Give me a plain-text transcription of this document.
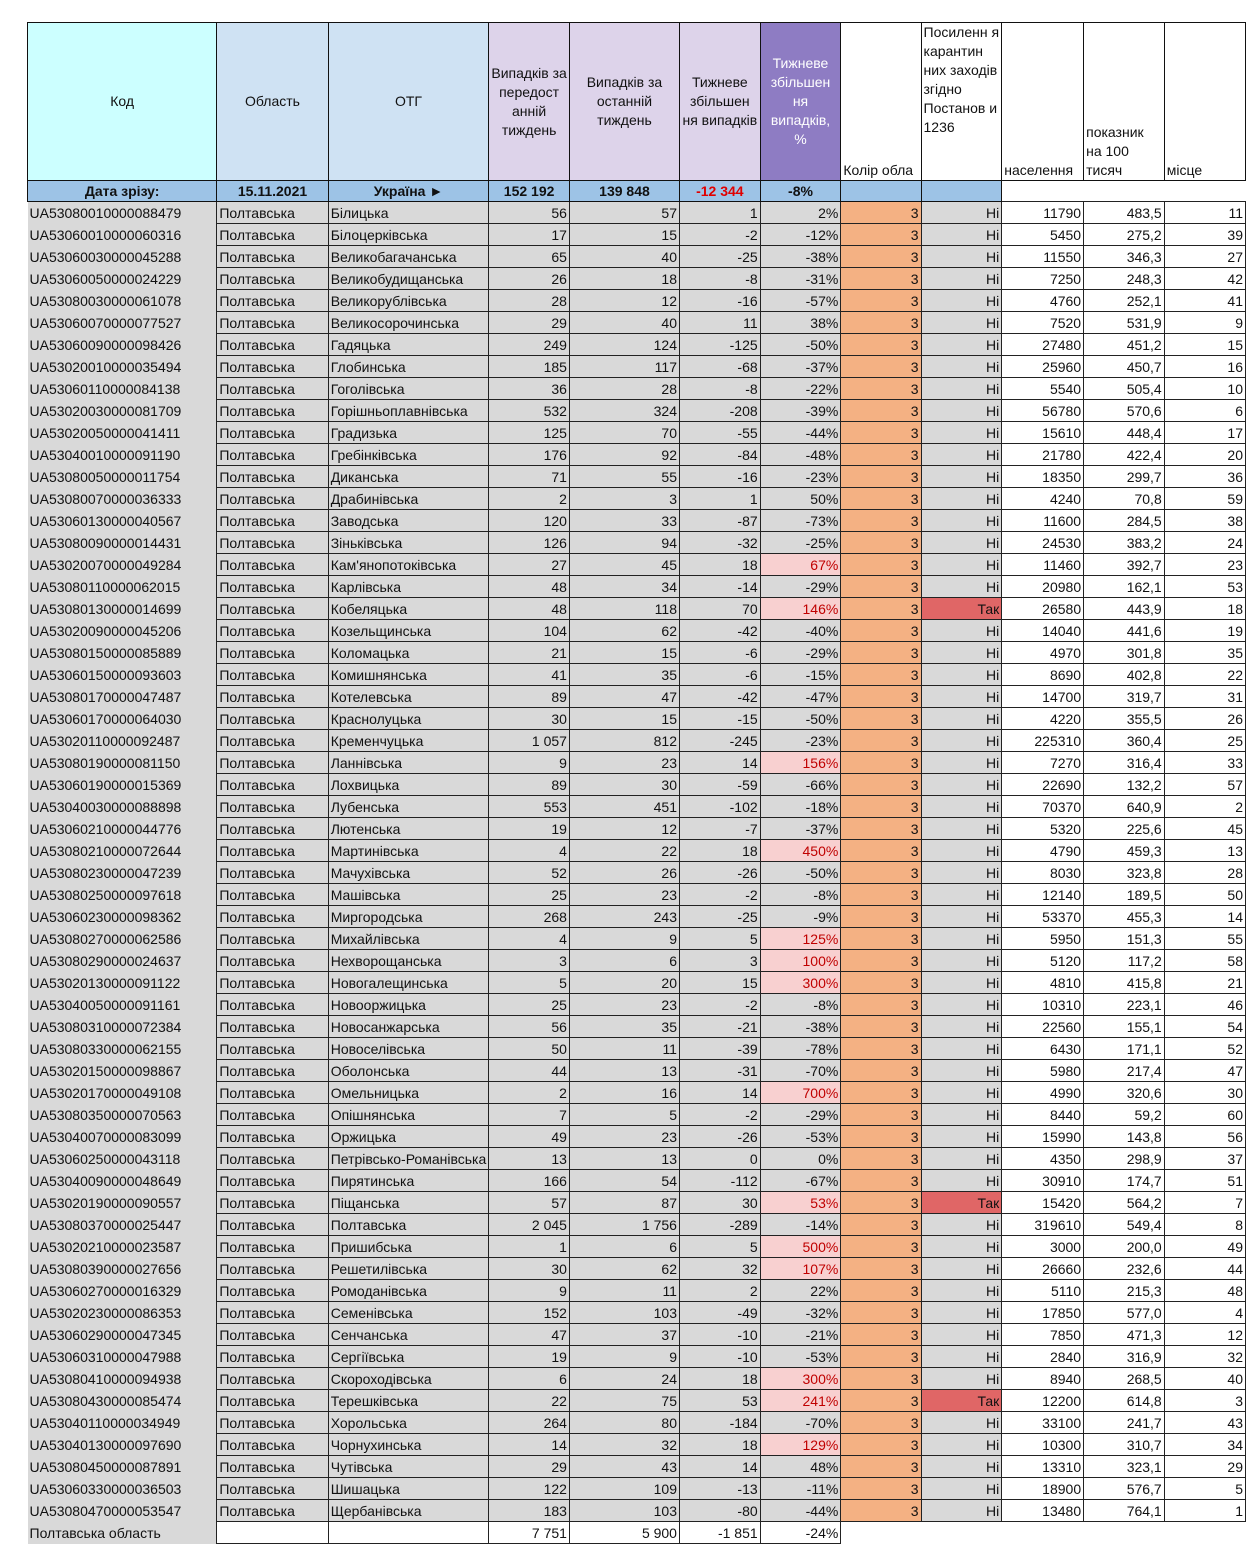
Код	Область	ОТГ	Випадків за передост анній тиждень	Випадків за останній тиждень	Тижневе збільшен ня випадків	Тижневе збільшен ня випадків, %	Колір обла	Посиленн я карантин них заходів згідно Постанов и 1236	населення	показник на 100 тисяч	місце
Дата зрізу:	15.11.2021	Україна ►	152 192	139 848	-12 344	-8%					
UA53080010000088479	Полтавська	Білицька	56	57	1	2%	3	Ні	11790	483,5	11
UA53060010000060316	Полтавська	Білоцерківська	17	15	-2	-12%	3	Ні	5450	275,2	39
UA53060030000045288	Полтавська	Великобагачанська	65	40	-25	-38%	3	Ні	11550	346,3	27
UA53060050000024229	Полтавська	Великобудищанська	26	18	-8	-31%	3	Ні	7250	248,3	42
UA53080030000061078	Полтавська	Великорублівська	28	12	-16	-57%	3	Ні	4760	252,1	41
UA53060070000077527	Полтавська	Великосорочинська	29	40	11	38%	3	Ні	7520	531,9	9
UA53060090000098426	Полтавська	Гадяцька	249	124	-125	-50%	3	Ні	27480	451,2	15
UA53020010000035494	Полтавська	Глобинська	185	117	-68	-37%	3	Ні	25960	450,7	16
UA53060110000084138	Полтавська	Гоголівська	36	28	-8	-22%	3	Ні	5540	505,4	10
UA53020030000081709	Полтавська	Горішньоплавнівська	532	324	-208	-39%	3	Ні	56780	570,6	6
UA53020050000041411	Полтавська	Градизька	125	70	-55	-44%	3	Ні	15610	448,4	17
UA53040010000091190	Полтавська	Гребінківська	176	92	-84	-48%	3	Ні	21780	422,4	20
UA53080050000011754	Полтавська	Диканська	71	55	-16	-23%	3	Ні	18350	299,7	36
UA53080070000036333	Полтавська	Драбинівська	2	3	1	50%	3	Ні	4240	70,8	59
UA53060130000040567	Полтавська	Заводська	120	33	-87	-73%	3	Ні	11600	284,5	38
UA53080090000014431	Полтавська	Зіньківська	126	94	-32	-25%	3	Ні	24530	383,2	24
UA53020070000049284	Полтавська	Кам'янопотоківська	27	45	18	67%	3	Ні	11460	392,7	23
UA53080110000062015	Полтавська	Карлівська	48	34	-14	-29%	3	Ні	20980	162,1	53
UA53080130000014699	Полтавська	Кобеляцька	48	118	70	146%	3	Так	26580	443,9	18
UA53020090000045206	Полтавська	Козельщинська	104	62	-42	-40%	3	Ні	14040	441,6	19
UA53080150000085889	Полтавська	Коломацька	21	15	-6	-29%	3	Ні	4970	301,8	35
UA53060150000093603	Полтавська	Комишнянська	41	35	-6	-15%	3	Ні	8690	402,8	22
UA53080170000047487	Полтавська	Котелевська	89	47	-42	-47%	3	Ні	14700	319,7	31
UA53060170000064030	Полтавська	Краснолуцька	30	15	-15	-50%	3	Ні	4220	355,5	26
UA53020110000092487	Полтавська	Кременчуцька	1 057	812	-245	-23%	3	Ні	225310	360,4	25
UA53080190000081150	Полтавська	Ланнівська	9	23	14	156%	3	Ні	7270	316,4	33
UA53060190000015369	Полтавська	Лохвицька	89	30	-59	-66%	3	Ні	22690	132,2	57
UA53040030000088898	Полтавська	Лубенська	553	451	-102	-18%	3	Ні	70370	640,9	2
UA53060210000044776	Полтавська	Лютенська	19	12	-7	-37%	3	Ні	5320	225,6	45
UA53080210000072644	Полтавська	Мартинівська	4	22	18	450%	3	Ні	4790	459,3	13
UA53080230000047239	Полтавська	Мачухівська	52	26	-26	-50%	3	Ні	8030	323,8	28
UA53080250000097618	Полтавська	Машівська	25	23	-2	-8%	3	Ні	12140	189,5	50
UA53060230000098362	Полтавська	Миргородська	268	243	-25	-9%	3	Ні	53370	455,3	14
UA53080270000062586	Полтавська	Михайлівська	4	9	5	125%	3	Ні	5950	151,3	55
UA53080290000024637	Полтавська	Нехворощанська	3	6	3	100%	3	Ні	5120	117,2	58
UA53020130000091122	Полтавська	Новогалещинська	5	20	15	300%	3	Ні	4810	415,8	21
UA53040050000091161	Полтавська	Новооржицька	25	23	-2	-8%	3	Ні	10310	223,1	46
UA53080310000072384	Полтавська	Новосанжарська	56	35	-21	-38%	3	Ні	22560	155,1	54
UA53080330000062155	Полтавська	Новоселівська	50	11	-39	-78%	3	Ні	6430	171,1	52
UA53020150000098867	Полтавська	Оболонська	44	13	-31	-70%	3	Ні	5980	217,4	47
UA53020170000049108	Полтавська	Омельницька	2	16	14	700%	3	Ні	4990	320,6	30
UA53080350000070563	Полтавська	Опішнянська	7	5	-2	-29%	3	Ні	8440	59,2	60
UA53040070000083099	Полтавська	Оржицька	49	23	-26	-53%	3	Ні	15990	143,8	56
UA53060250000043118	Полтавська	Петрівсько-Романівська	13	13	0	0%	3	Ні	4350	298,9	37
UA53040090000048649	Полтавська	Пирятинська	166	54	-112	-67%	3	Ні	30910	174,7	51
UA53020190000090557	Полтавська	Піщанська	57	87	30	53%	3	Так	15420	564,2	7
UA53080370000025447	Полтавська	Полтавська	2 045	1 756	-289	-14%	3	Ні	319610	549,4	8
UA53020210000023587	Полтавська	Пришибська	1	6	5	500%	3	Ні	3000	200,0	49
UA53080390000027656	Полтавська	Решетилівська	30	62	32	107%	3	Ні	26660	232,6	44
UA53060270000016329	Полтавська	Ромоданівська	9	11	2	22%	3	Ні	5110	215,3	48
UA53020230000086353	Полтавська	Семенівська	152	103	-49	-32%	3	Ні	17850	577,0	4
UA53060290000047345	Полтавська	Сенчанська	47	37	-10	-21%	3	Ні	7850	471,3	12
UA53060310000047988	Полтавська	Сергіївська	19	9	-10	-53%	3	Ні	2840	316,9	32
UA53080410000094938	Полтавська	Скороходівська	6	24	18	300%	3	Ні	8940	268,5	40
UA53080430000085474	Полтавська	Терешківська	22	75	53	241%	3	Так	12200	614,8	3
UA53040110000034949	Полтавська	Хорольська	264	80	-184	-70%	3	Ні	33100	241,7	43
UA53040130000097690	Полтавська	Чорнухинська	14	32	18	129%	3	Ні	10300	310,7	34
UA53080450000087891	Полтавська	Чутівська	29	43	14	48%	3	Ні	13310	323,1	29
UA53060330000036503	Полтавська	Шишацька	122	109	-13	-11%	3	Ні	18900	576,7	5
UA53080470000053547	Полтавська	Щербанівська	183	103	-80	-44%	3	Ні	13480	764,1	1
Полтавська область			7 751	5 900	-1 851	-24%					
